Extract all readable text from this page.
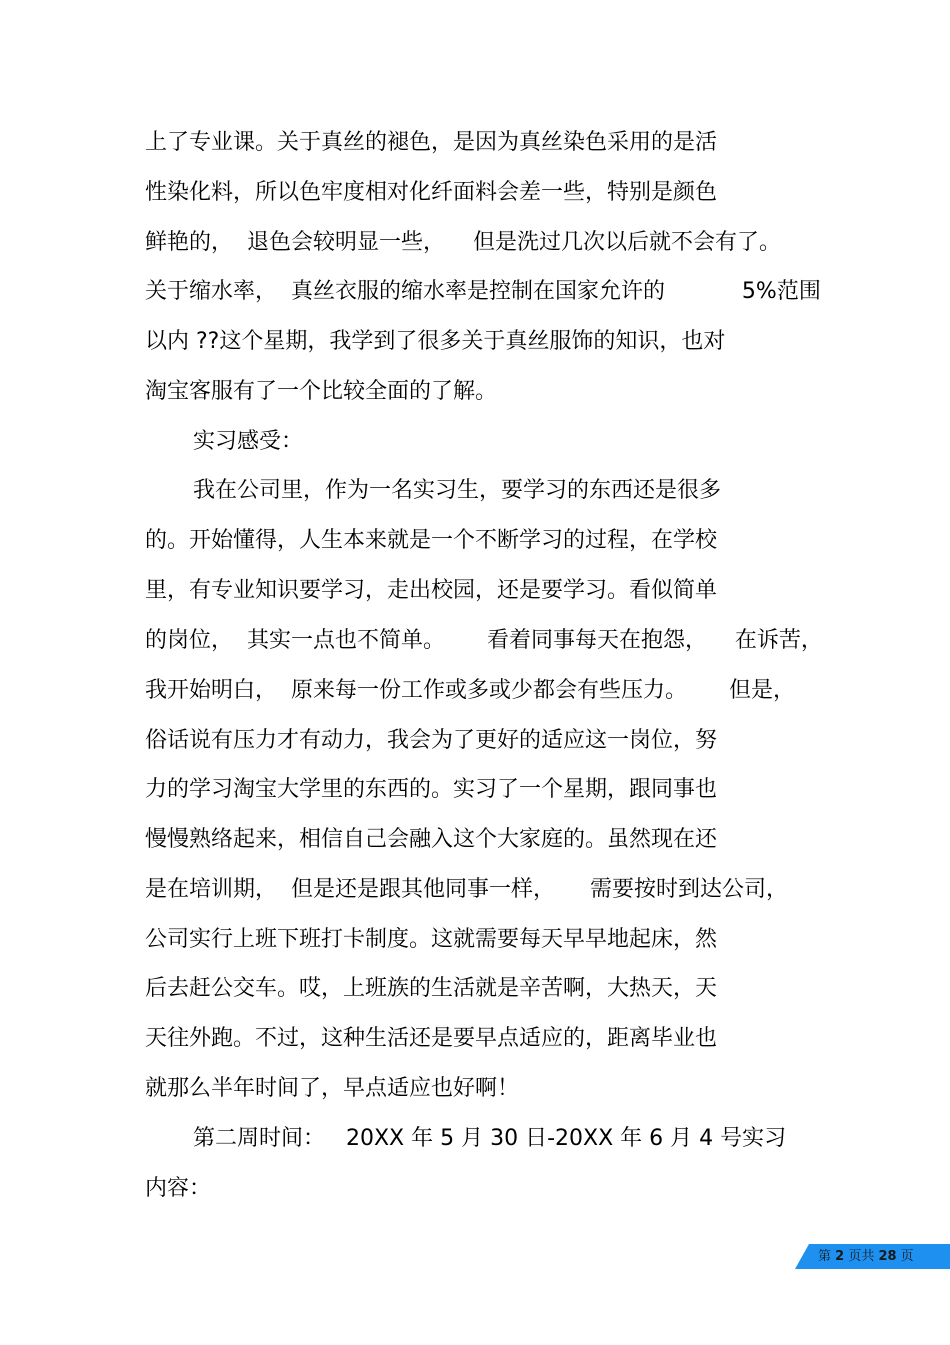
上了专业课。关于真丝的褪色，是因为真丝染色采用的是活
性染化料，所以色牢度相对化纤面料会差一些，特别是颜色
鲜艳的，  退色会较明显一些，    但是洗过几次以后就不会有了。
关于缩水率，  真丝衣服的缩水率是控制在国家允许的           5%范围
以内 ??这个星期，我学到了很多关于真丝服饰的知识，也对
淘宝客服有了一个比较全面的了解。
实习感受：
我在公司里，作为一名实习生，要学习的东西还是很多
的。开始懂得，人生本来就是一个不断学习的过程，在学校
里，有专业知识要学习，走出校园，还是要学习。看似简单
的岗位，  其实一点也不简单。      看着同事每天在抱怨，    在诉苦，
我开始明白，  原来每一份工作或多或少都会有些压力。      但是，
俗话说有压力才有动力，我会为了更好的适应这一岗位，努
力的学习淘宝大学里的东西的。实习了一个星期，跟同事也
慢慢熟络起来，相信自己会融入这个大家庭的。虽然现在还
是在培训期，  但是还是跟其他同事一样，     需要按时到达公司，
公司实行上班下班打卡制度。这就需要每天早早地起床，然
后去赶公交车。哎，上班族的生活就是辛苦啊，大热天，天
天往外跑。不过，这种生活还是要早点适应的，距离毕业也
就那么半年时间了，早点适应也好啊！
第二周时间：   20XX 年 5 月 30 日-20XX 年 6 月 4 号实习
内容：
第 2 页共 28 页
